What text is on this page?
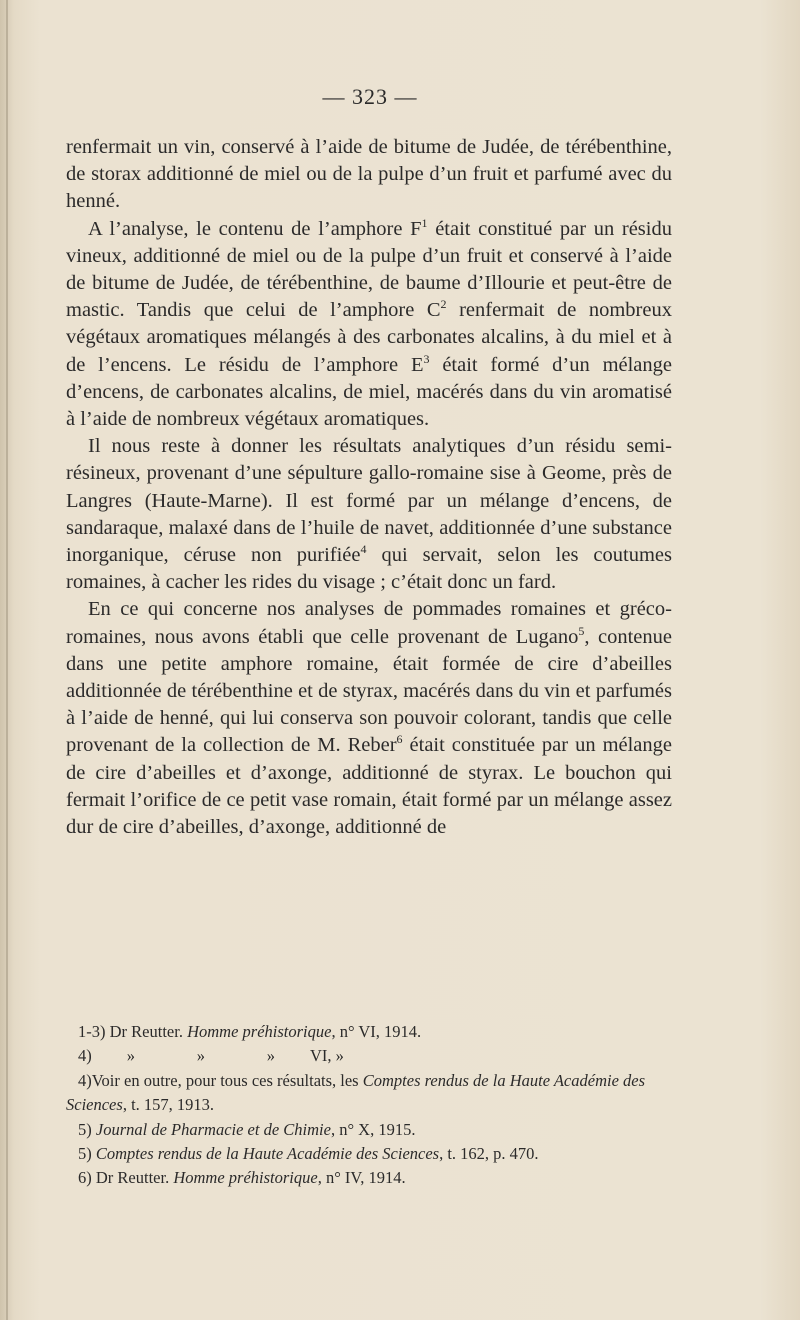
— 323 —

renfermait un vin, conservé à l’aide de bitume de Judée, de térébenthine, de storax additionné de miel ou de la pulpe d’un fruit et parfumé avec du henné.

A l’analyse, le contenu de l’amphore $F^1$ était constitué par un résidu vineux, additionné de miel ou de la pulpe d’un fruit et conservé à l’aide de bitume de Judée, de térébenthine, de baume d’Illourie et peut-être de mastic. Tandis que celui de l’amphore $C^2$ renfermait de nombreux végétaux aromatiques mélangés à des carbonates alcalins, à du miel et à de l’encens. Le résidu de l’amphore $E^3$ était formé d’un mélange d’encens, de carbonates alcalins, de miel, macérés dans du vin aromatisé à l’aide de nombreux végétaux aromatiques.

Il nous reste à donner les résultats analytiques d’un résidu semi-résineux, provenant d’une sépulture gallo-romaine sise à Geome, près de Langres (Haute-Marne). Il est formé par un mélange d’encens, de sandaraque, malaxé dans de l’huile de navet, additionnée d’une substance inorganique, céruse non purifiée$^4$ qui servait, selon les coutumes romaines, à cacher les rides du visage ; c’était donc un fard.

En ce qui concerne nos analyses de pommades romaines et gréco-romaines, nous avons établi que celle provenant de Lugano$^5$, contenue dans une petite amphore romaine, était formée de cire d’abeilles additionnée de térébenthine et de styrax, macérés dans du vin et parfumés à l’aide de henné, qui lui conserva son pouvoir colorant, tandis que celle provenant de la collection de M. Reber$^6$ était constituée par un mélange de cire d’abeilles et d’axonge, additionné de styrax. Le bouchon qui fermait l’orifice de ce petit vase romain, était formé par un mélange assez dur de cire d’abeilles, d’axonge, additionné de

1-3) Dr Reutter. Homme préhistorique, n° VI, 1914.

4) »	»	» VI, »

4)Voir en outre, pour tous ces résultats, les Comptes rendus de la Haute Académie des Sciences, t. 157, 1913.

5) Journal de Pharmacie et de Chimie, n° X, 1915.

5) Comptes rendus de la Haute Académie des Sciences, t. 162, p. 470.

6) Dr Reutter. Homme préhistorique, n° IV, 1914.
